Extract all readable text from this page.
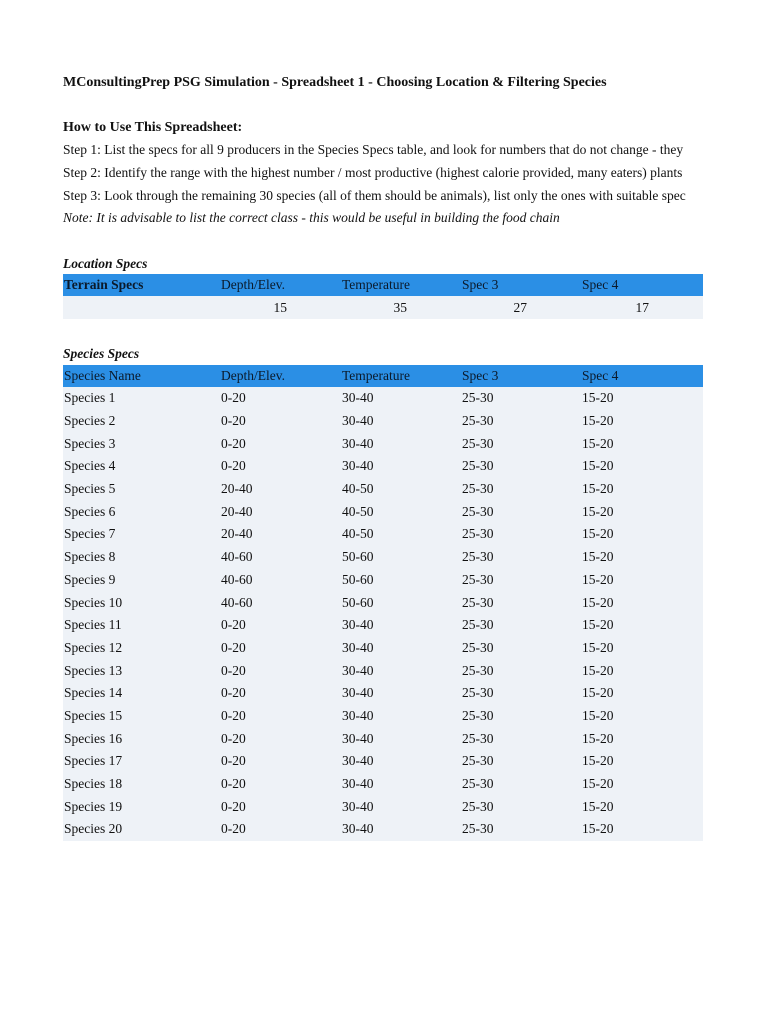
MConsultingPrep PSG Simulation - Spreadsheet 1 - Choosing Location & Filtering Species
How to Use This Spreadsheet:
Step 1: List the specs for all 9 producers in the Species Specs table, and look for numbers that do not change - they
Step 2: Identify the range with the highest number / most productive (highest calorie provided, many eaters) plants
Step 3: Look through the remaining 30 species (all of them should be animals), list only the ones with suitable spec
Note: It is advisable to list the correct class - this would be useful in building the food chain
Location Specs
Terrain Specs	Depth/Elev.	Temperature	Spec 3	Spec 4
	15	35	27	17
Species Specs
Species Name	Depth/Elev.	Temperature	Spec 3	Spec 4
Species 1	0-20	30-40	25-30	15-20
Species 2	0-20	30-40	25-30	15-20
Species 3	0-20	30-40	25-30	15-20
Species 4	0-20	30-40	25-30	15-20
Species 5	20-40	40-50	25-30	15-20
Species 6	20-40	40-50	25-30	15-20
Species 7	20-40	40-50	25-30	15-20
Species 8	40-60	50-60	25-30	15-20
Species 9	40-60	50-60	25-30	15-20
Species 10	40-60	50-60	25-30	15-20
Species 11	0-20	30-40	25-30	15-20
Species 12	0-20	30-40	25-30	15-20
Species 13	0-20	30-40	25-30	15-20
Species 14	0-20	30-40	25-30	15-20
Species 15	0-20	30-40	25-30	15-20
Species 16	0-20	30-40	25-30	15-20
Species 17	0-20	30-40	25-30	15-20
Species 18	0-20	30-40	25-30	15-20
Species 19	0-20	30-40	25-30	15-20
Species 20	0-20	30-40	25-30	15-20
